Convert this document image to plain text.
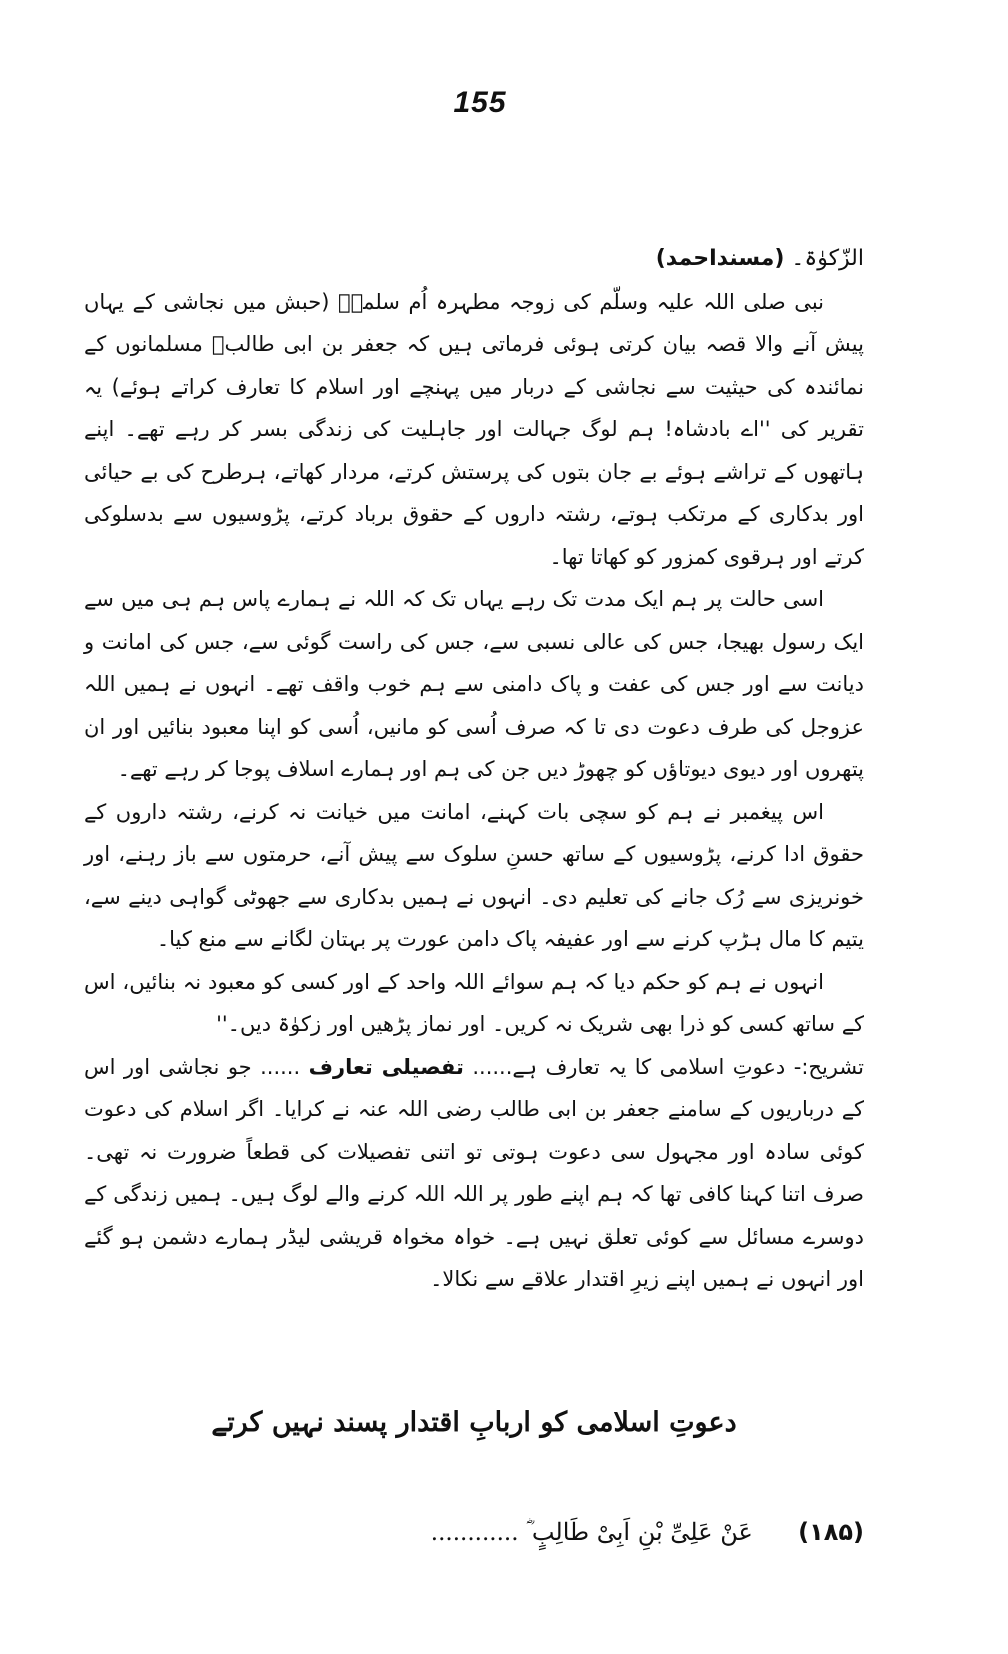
155

الزّکوٰۃ۔ (مسنداحمد)

نبی صلی اللہ علیہ وسلّم کی زوجہ مطہرہ اُم سلمہؓ (حبش میں نجاشی کے یہاں پیش آنے والا قصہ بیان کرتی ہوئی فرماتی ہیں کہ جعفر بن ابی طالبؓ مسلمانوں کے نمائندہ کی حیثیت سے نجاشی کے دربار میں پہنچے اور اسلام کا تعارف کراتے ہوئے) یہ تقریر کی ''اے بادشاہ! ہم لوگ جہالت اور جاہلیت کی زندگی بسر کر رہے تھے۔ اپنے ہاتھوں کے تراشے ہوئے بے جان بتوں کی پرستش کرتے، مردار کھاتے، ہرطرح کی بے حیائی اور بدکاری کے مرتکب ہوتے، رشتہ داروں کے حقوق برباد کرتے، پڑوسیوں سے بدسلوکی کرتے اور ہرقوی کمزور کو کھاتا تھا۔

اسی حالت پر ہم ایک مدت تک رہے یہاں تک کہ اللہ نے ہمارے پاس ہم ہی میں سے ایک رسول بھیجا، جس کی عالی نسبی سے، جس کی راست گوئی سے، جس کی امانت و دیانت سے اور جس کی عفت و پاک دامنی سے ہم خوب واقف تھے۔ انہوں نے ہمیں اللہ عزوجل کی طرف دعوت دی تا کہ صرف اُسی کو مانیں، اُسی کو اپنا معبود بنائیں اور ان پتھروں اور دیوی دیوتاؤں کو چھوڑ دیں جن کی ہم اور ہمارے اسلاف پوجا کر رہے تھے۔

اس پیغمبر نے ہم کو سچی بات کہنے، امانت میں خیانت نہ کرنے، رشتہ داروں کے حقوق ادا کرنے، پڑوسیوں کے ساتھ حسنِ سلوک سے پیش آنے، حرمتوں سے باز رہنے، اور خونریزی سے رُک جانے کی تعلیم دی۔ انہوں نے ہمیں بدکاری سے جھوٹی گواہی دینے سے، یتیم کا مال ہڑپ کرنے سے اور عفیفہ پاک دامن عورت پر بہتان لگانے سے منع کیا۔

انہوں نے ہم کو حکم دیا کہ ہم سوائے اللہ واحد کے اور کسی کو معبود نہ بنائیں، اس کے ساتھ کسی کو ذرا بھی شریک نہ کریں۔ اور نماز پڑھیں اور زکوٰۃ دیں۔''

تشریح:- دعوتِ اسلامی کا یہ تعارف ہے...... تفصیلی تعارف ...... جو نجاشی اور اس کے درباریوں کے سامنے جعفر بن ابی طالب رضی اللہ عنہ نے کرایا۔ اگر اسلام کی دعوت کوئی سادہ اور مجہول سی دعوت ہوتی تو اتنی تفصیلات کی قطعاً ضرورت نہ تھی۔ صرف اتنا کہنا کافی تھا کہ ہم اپنے طور پر اللہ اللہ کرنے والے لوگ ہیں۔ ہمیں زندگی کے دوسرے مسائل سے کوئی تعلق نہیں ہے۔ خواہ مخواہ قریشی لیڈر ہمارے دشمن ہو گئے اور انہوں نے ہمیں اپنے زیرِ اقتدار علاقے سے نکالا۔

دعوتِ اسلامی کو اربابِ اقتدار پسند نہیں کرتے
(۱۸۵) عَنْ عَلِیِّ بْنِ اَبِیْ طَالِبٍ ؓ ............
